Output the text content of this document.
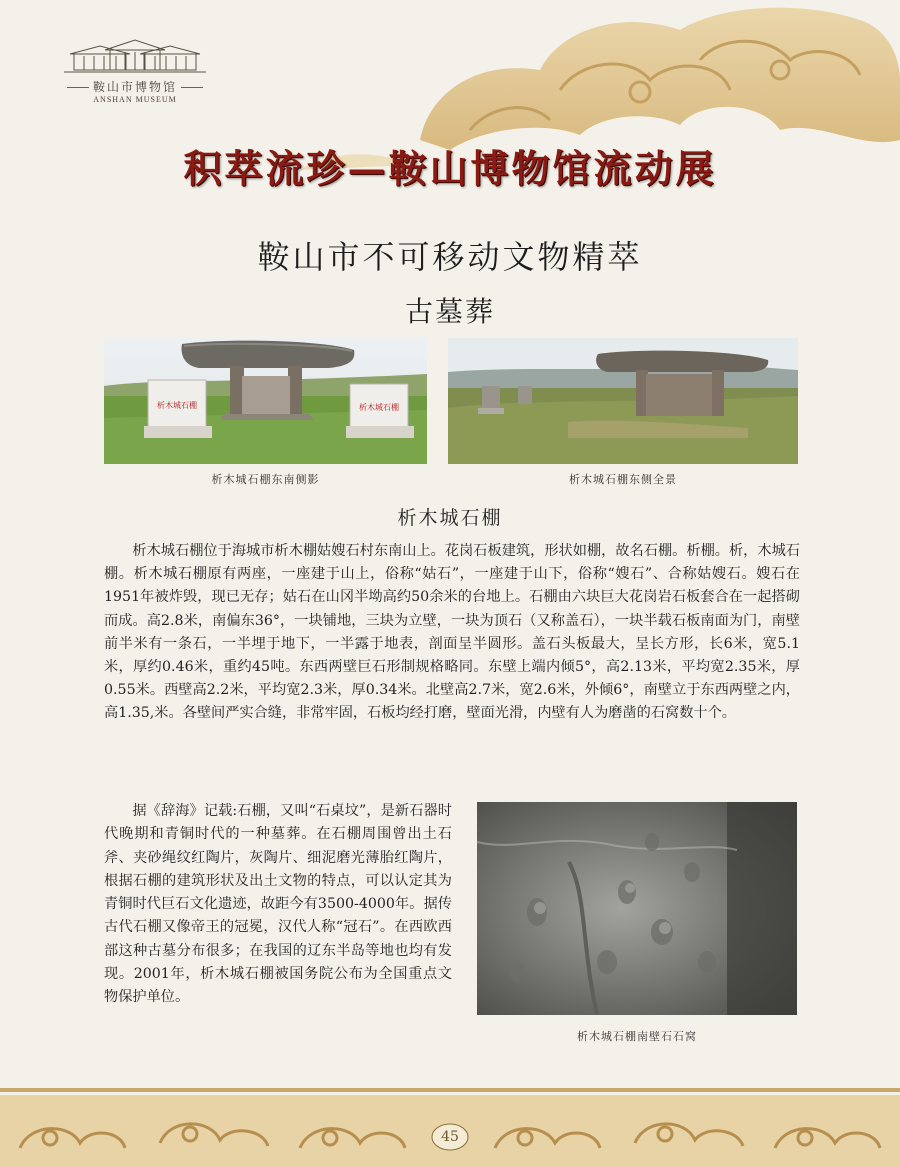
鞍山市博物馆
ANSHAN MUSEUM
积萃流珍—鞍山博物馆流动展
鞍山市不可移动文物精萃
古墓葬
析木城石棚	析木城石棚
析木城石棚东南侧影	析木城石棚东侧全景
析木城石棚

析木城石棚位于海城市析木棚姑嫂石村东南山上。花岗石板建筑，形状如棚，故名石棚。析棚。析，木城石棚。析木城石棚原有两座，一座建于山上，俗称“姑石”，一座建于山下，俗称“嫂石”、合称姑嫂石。嫂石在1951年被炸毁，现已无存；姑石在山冈半坳高约50余米的台地上。石棚由六块巨大花岗岩石板套合在一起搭砌而成。高2.8米，南偏东36°，一块铺地，三块为立壁，一块为顶石（又称盖石），一块半载石板南面为门，南壁前半米有一条石，一半埋于地下，一半露于地表，剖面呈半圆形。盖石头板最大，呈长方形，长6米，宽5.1米，厚约0.46米，重约45吨。东西两壁巨石形制规格略同。东壁上端内倾5°，高2.13米，平均宽2.35米，厚0.55米。西壁高2.2米，平均宽2.3米，厚0.34米。北壁高2.7米，宽2.6米，外倾6°，南壁立于东西两壁之内，高1.35,米。各壁间严实合缝，非常牢固，石板均经打磨，壁面光滑，内壁有人为磨凿的石窝数十个。

据《辞海》记载:石棚，又叫“石桌坟”，是新石器时代晚期和青铜时代的一种墓葬。在石棚周围曾出土石斧、夹砂绳纹红陶片，灰陶片、细泥磨光薄胎红陶片，根据石棚的建筑形状及出土文物的特点，可以认定其为青铜时代巨石文化遗迹，故距今有3500-4000年。据传古代石棚又像帝王的冠冕，汉代人称“冠石”。在西欧西部这种古墓分布很多；在我国的辽东半岛等地也均有发现。2001年，析木城石棚被国务院公布为全国重点文物保护单位。

析木城石棚南壁石石窝
45
